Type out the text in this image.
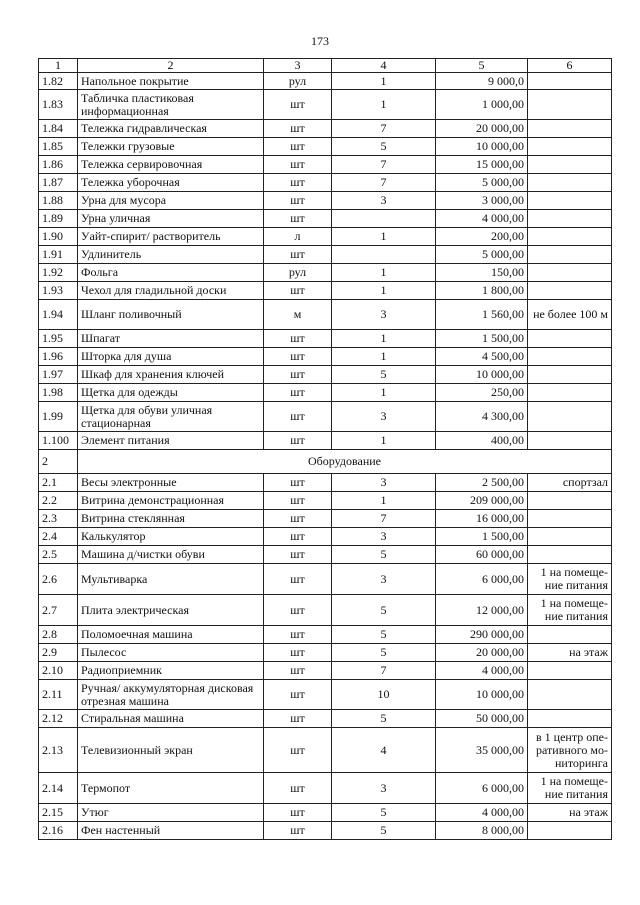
173
1	2	3	4	5	6
1.82	Напольное покрытие	рул	1	9 000,0	
1.83	Табличка пластиковая информационная	шт	1	1 000,00	
1.84	Тележка гидравлическая	шт	7	20 000,00	
1.85	Тележки грузовые	шт	5	10 000,00	
1.86	Тележка сервировочная	шт	7	15 000,00	
1.87	Тележка уборочная	шт	7	5 000,00	
1.88	Урна для мусора	шт	3	3 000,00	
1.89	Урна уличная	шт		4 000,00	
1.90	Уайт-спирит/ растворитель	л	1	200,00	
1.91	Удлинитель	шт		5 000,00	
1.92	Фольга	рул	1	150,00	
1.93	Чехол для гладильной доски	шт	1	1 800,00	
1.94	Шланг поливочный	м	3	1 560,00	не более 100 м
1.95	Шпагат	шт	1	1 500,00	
1.96	Шторка для душа	шт	1	4 500,00	
1.97	Шкаф для хранения ключей	шт	5	10 000,00	
1.98	Щетка для одежды	шт	1	250,00	
1.99	Щетка для обуви уличная стационарная	шт	3	4 300,00	
1.100	Элемент питания	шт	1	400,00	
2	Оборудование				
2.1	Весы электронные	шт	3	2 500,00	спортзал
2.2	Витрина демонстрационная	шт	1	209 000,00	
2.3	Витрина стеклянная	шт	7	16 000,00	
2.4	Калькулятор	шт	3	1 500,00	
2.5	Машина д/чистки обуви	шт	5	60 000,00	
2.6	Мультиварка	шт	3	6 000,00	1 на помеще- ние питания
2.7	Плита электрическая	шт	5	12 000,00	1 на помеще- ние питания
2.8	Поломоечная машина	шт	5	290 000,00	
2.9	Пылесос	шт	5	20 000,00	на этаж
2.10	Радиоприемник	шт	7	4 000,00	
2.11	Ручная/ аккумуляторная дисковая отрезная машина	шт	10	10 000,00	
2.12	Стиральная машина	шт	5	50 000,00	
2.13	Телевизионный экран	шт	4	35 000,00	в 1 центр опе- ративного мо- ниторинга
2.14	Термопот	шт	3	6 000,00	1 на помеще- ние питания
2.15	Утюг	шт	5	4 000,00	на этаж
2.16	Фен настенный	шт	5	8 000,00	
